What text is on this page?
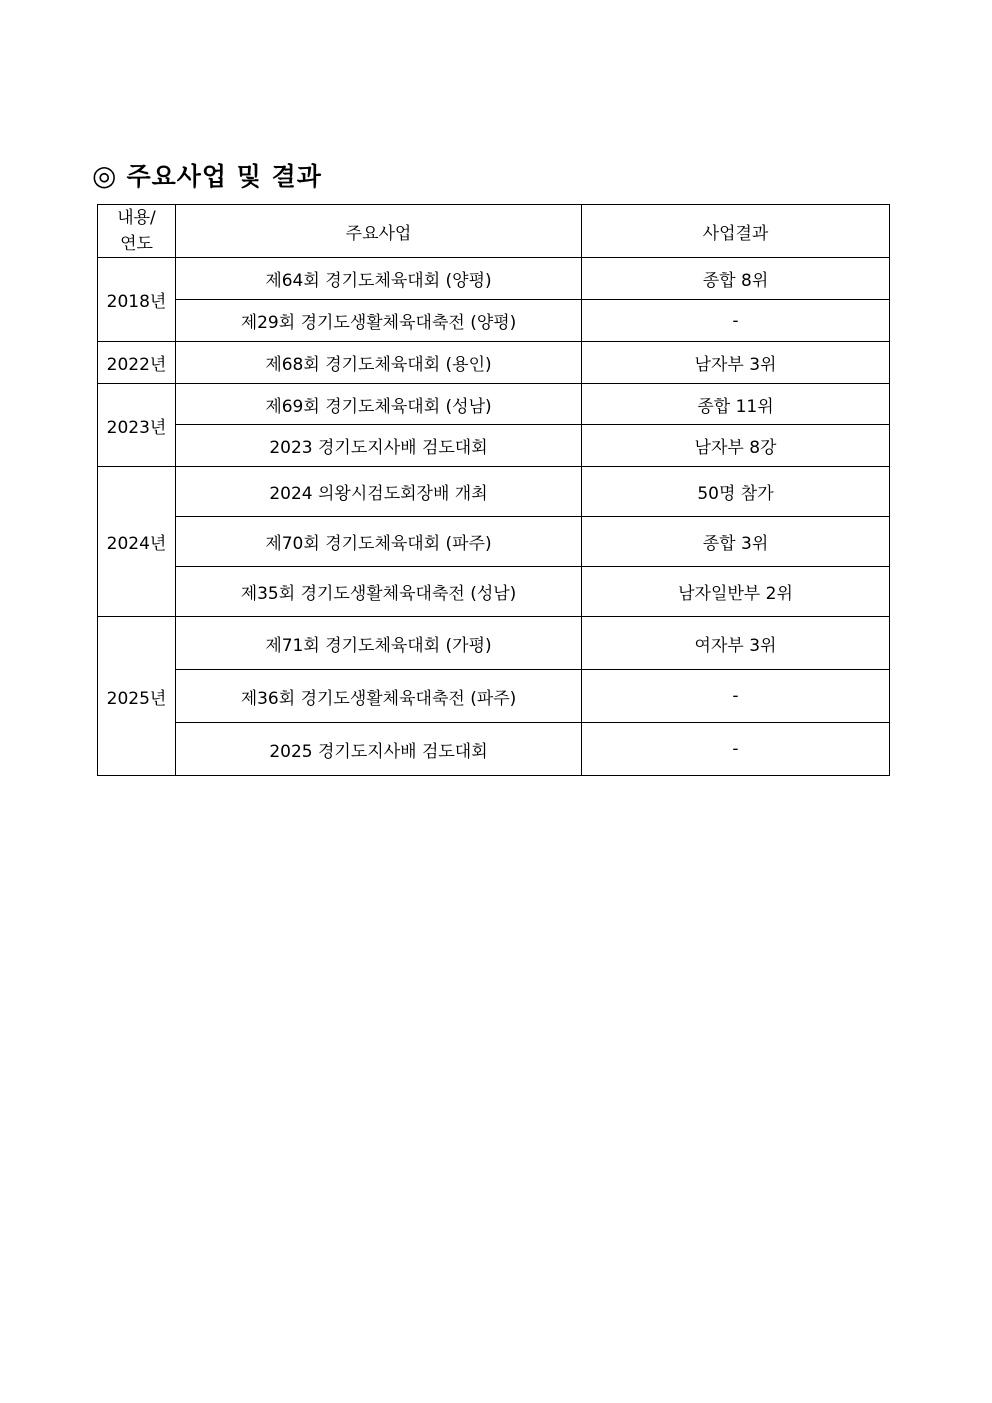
◎ 주요사업 및 결과
내용/
연도	주요사업	사업결과
2018년	제64회 경기도체육대회 (양평)	종합 8위
	제29회 경기도생활체육대축전 (양평)	-
2022년	제68회 경기도체육대회 (용인)	남자부 3위
2023년	제69회 경기도체육대회 (성남)	종합 11위
	2023 경기도지사배 검도대회	남자부 8강
2024년	2024 의왕시검도회장배 개최	50명 참가
	제70회 경기도체육대회 (파주)	종합 3위
	제35회 경기도생활체육대축전 (성남)	남자일반부 2위
2025년	제71회 경기도체육대회 (가평)	여자부 3위
	제36회 경기도생활체육대축전 (파주)	-
	2025 경기도지사배 검도대회	-
